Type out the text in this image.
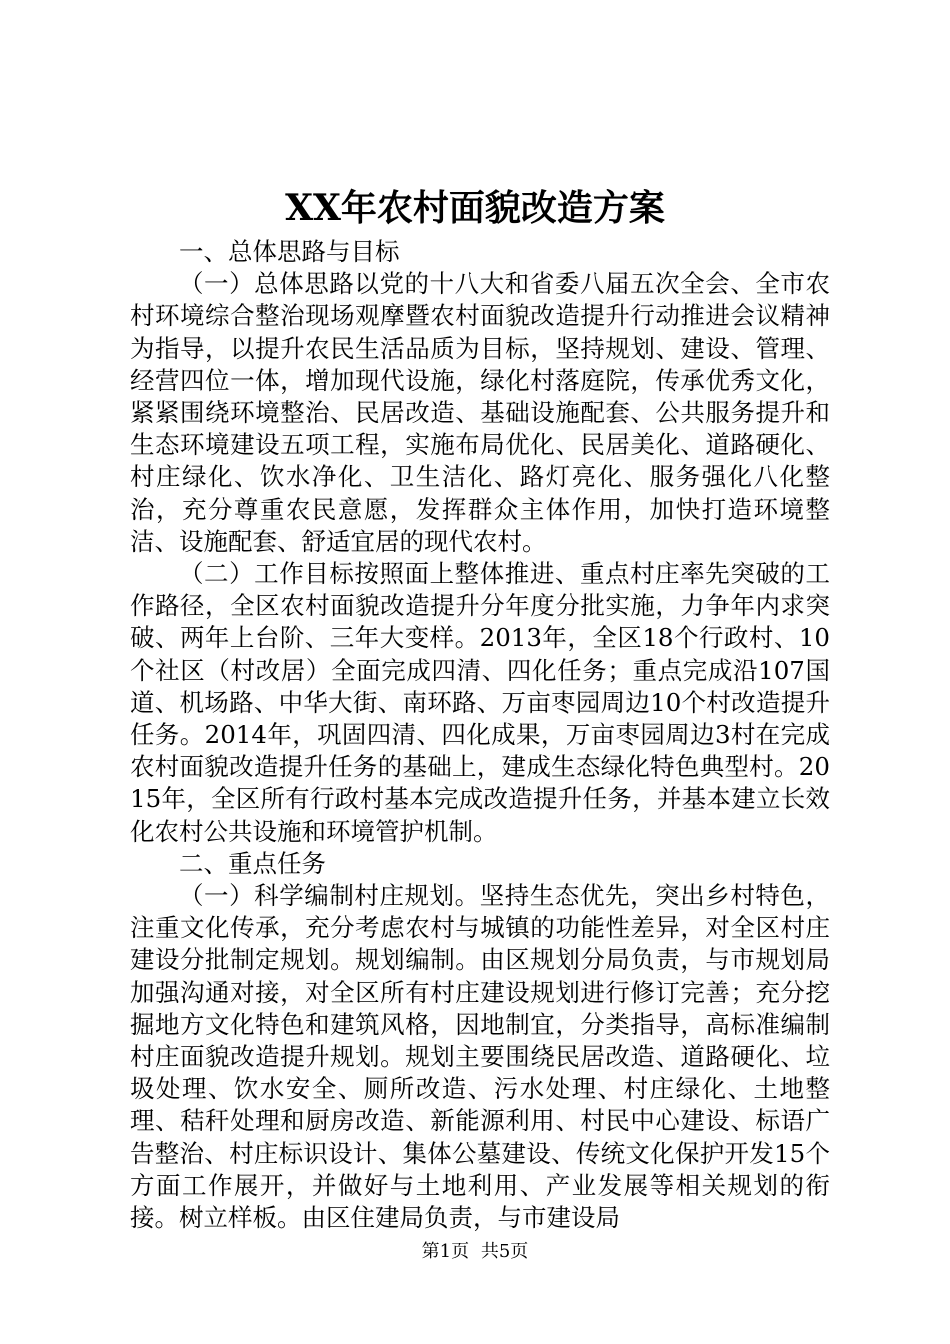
XX年农村面貌改造方案

一、总体思路与目标

（一）总体思路以党的十八大和省委八届五次全会、全市农村环境综合整治现场观摩暨农村面貌改造提升行动推进会议精神为指导，以提升农民生活品质为目标，坚持规划、建设、管理、经营四位一体，增加现代设施，绿化村落庭院，传承优秀文化，紧紧围绕环境整治、民居改造、基础设施配套、公共服务提升和生态环境建设五项工程，实施布局优化、民居美化、道路硬化、村庄绿化、饮水净化、卫生洁化、路灯亮化、服务强化八化整治，充分尊重农民意愿，发挥群众主体作用，加快打造环境整洁、设施配套、舒适宜居的现代农村。

（二）工作目标按照面上整体推进、重点村庄率先突破的工作路径，全区农村面貌改造提升分年度分批实施，力争年内求突破、两年上台阶、三年大变样。2013年，全区18个行政村、10个社区（村改居）全面完成四清、四化任务；重点完成沿107国道、机场路、中华大街、南环路、万亩枣园周边10个村改造提升任务。2014年，巩固四清、四化成果，万亩枣园周边3村在完成农村面貌改造提升任务的基础上，建成生态绿化特色典型村。2015年，全区所有行政村基本完成改造提升任务，并基本建立长效化农村公共设施和环境管护机制。

二、重点任务

（一）科学编制村庄规划。坚持生态优先，突出乡村特色，注重文化传承，充分考虑农村与城镇的功能性差异，对全区村庄建设分批制定规划。规划编制。由区规划分局负责，与市规划局加强沟通对接，对全区所有村庄建设规划进行修订完善；充分挖掘地方文化特色和建筑风格，因地制宜，分类指导，高标准编制村庄面貌改造提升规划。规划主要围绕民居改造、道路硬化、垃圾处理、饮水安全、厕所改造、污水处理、村庄绿化、土地整理、秸秆处理和厨房改造、新能源利用、村民中心建设、标语广告整治、村庄标识设计、集体公墓建设、传统文化保护开发15个方面工作展开，并做好与土地利用、产业发展等相关规划的衔接。树立样板。由区住建局负责，与市建设局

第1页 共5页
